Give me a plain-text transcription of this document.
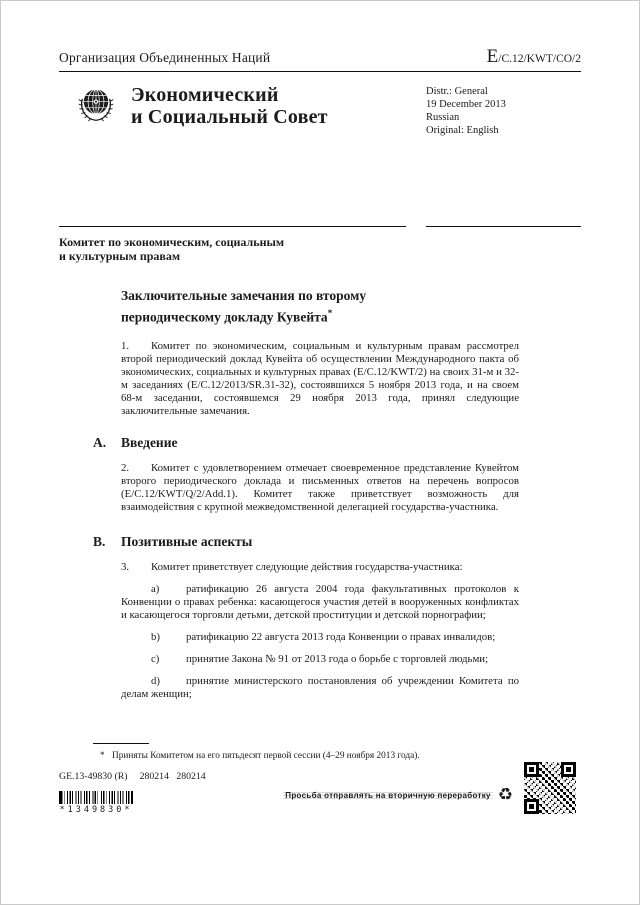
Организация Объединенных Наций	E/C.12/KWT/CO/2
Экономический
и Социальный Совет
Distr.: General
19 December 2013
Russian
Original: English
Комитет по экономическим, социальным
и культурным правам
Заключительные замечания по второму
периодическому докладу Кувейта*

1. Комитет по экономическим, социальным и культурным правам рассмотрел второй периодический доклад Кувейта об осуществлении Международного пакта об экономических, социальных и культурных правах (E/C.12/KWT/2) на своих 31-м и 32-м заседаниях (E/C.12/2013/SR.31-32), состоявшихся 5 ноября 2013 года, и на своем 68-м заседании, состоявшемся 29 ноября 2013 года, принял следующие заключительные замечания.

A. Введение

2. Комитет с удовлетворением отмечает своевременное представление Кувейтом второго периодического доклада и письменных ответов на перечень вопросов (E/C.12/KWT/Q/2/Add.1). Комитет также приветствует возможность для взаимодействия с крупной межведомственной делегацией государства-участника.

B. Позитивные аспекты

3. Комитет приветствует следующие действия государства-участника:

a) ратификацию 26 августа 2004 года факультативных протоколов к Конвенции о правах ребенка: касающегося участия детей в вооруженных конфликтах и касающегося торговли детьми, детской проституции и детской порнографии;

b) ратификацию 22 августа 2013 года Конвенции о правах инвалидов;

c) принятие Закона № 91 от 2013 года о борьбе с торговлей людьми;

d) принятие министерского постановления об учреждении Комитета по делам женщин;

* Приняты Комитетом на его пятьдесят первой сессии (4–29 ноября 2013 года).
GE.13-49830 (R) 280214   280214
*1349830*
Просьба отправлять на вторичную переработку ♻
